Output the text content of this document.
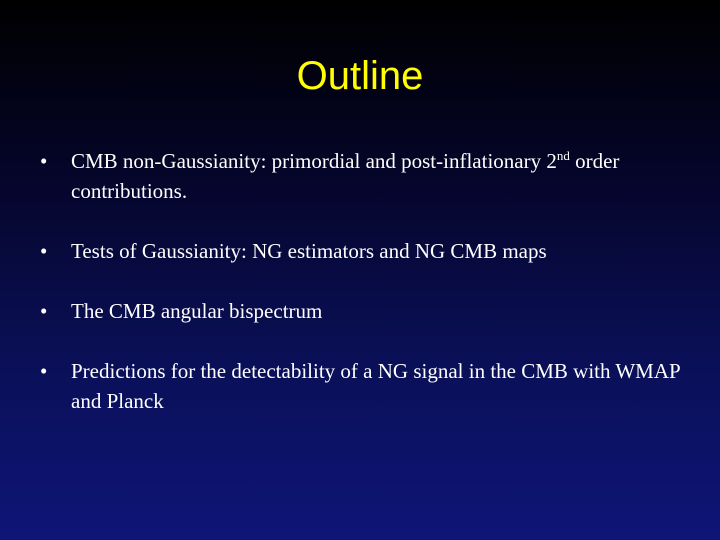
Outline
•	CMB non-Gaussianity: primordial and post-inflationary 2nd order contributions.
•	Tests of Gaussianity: NG estimators and NG CMB maps
•	The CMB angular bispectrum
•	Predictions for the detectability of a NG signal in the CMB with WMAP and Planck
